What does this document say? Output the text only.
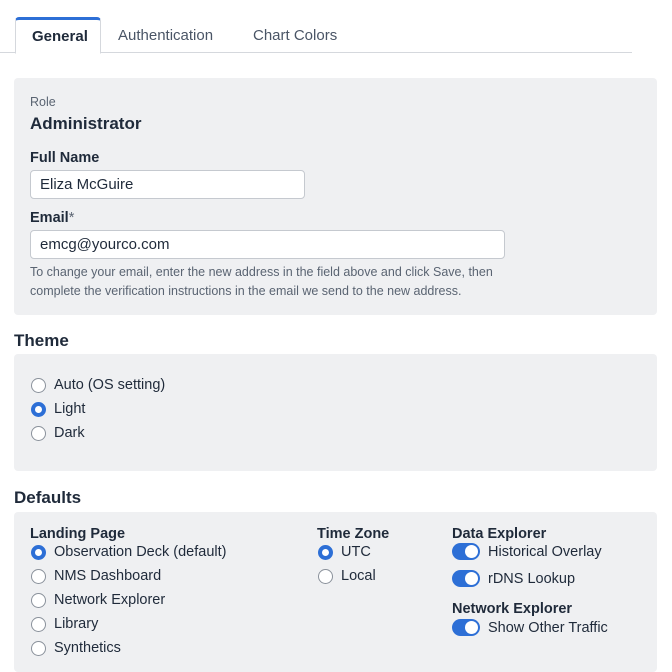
General	Authentication	Chart Colors
Role
Administrator
Full Name
Eliza McGuire
Email*
emcg@yourco.com
To change your email, enter the new address in the field above and click Save, then
complete the verification instructions in the email we send to the new address.
Theme
Auto (OS setting)
Light
Dark
Defaults
Landing Page
Observation Deck (default)
NMS Dashboard
Network Explorer
Library
Synthetics
Time Zone
UTC
Local
Data Explorer
Historical Overlay
rDNS Lookup
Network Explorer
Show Other Traffic
